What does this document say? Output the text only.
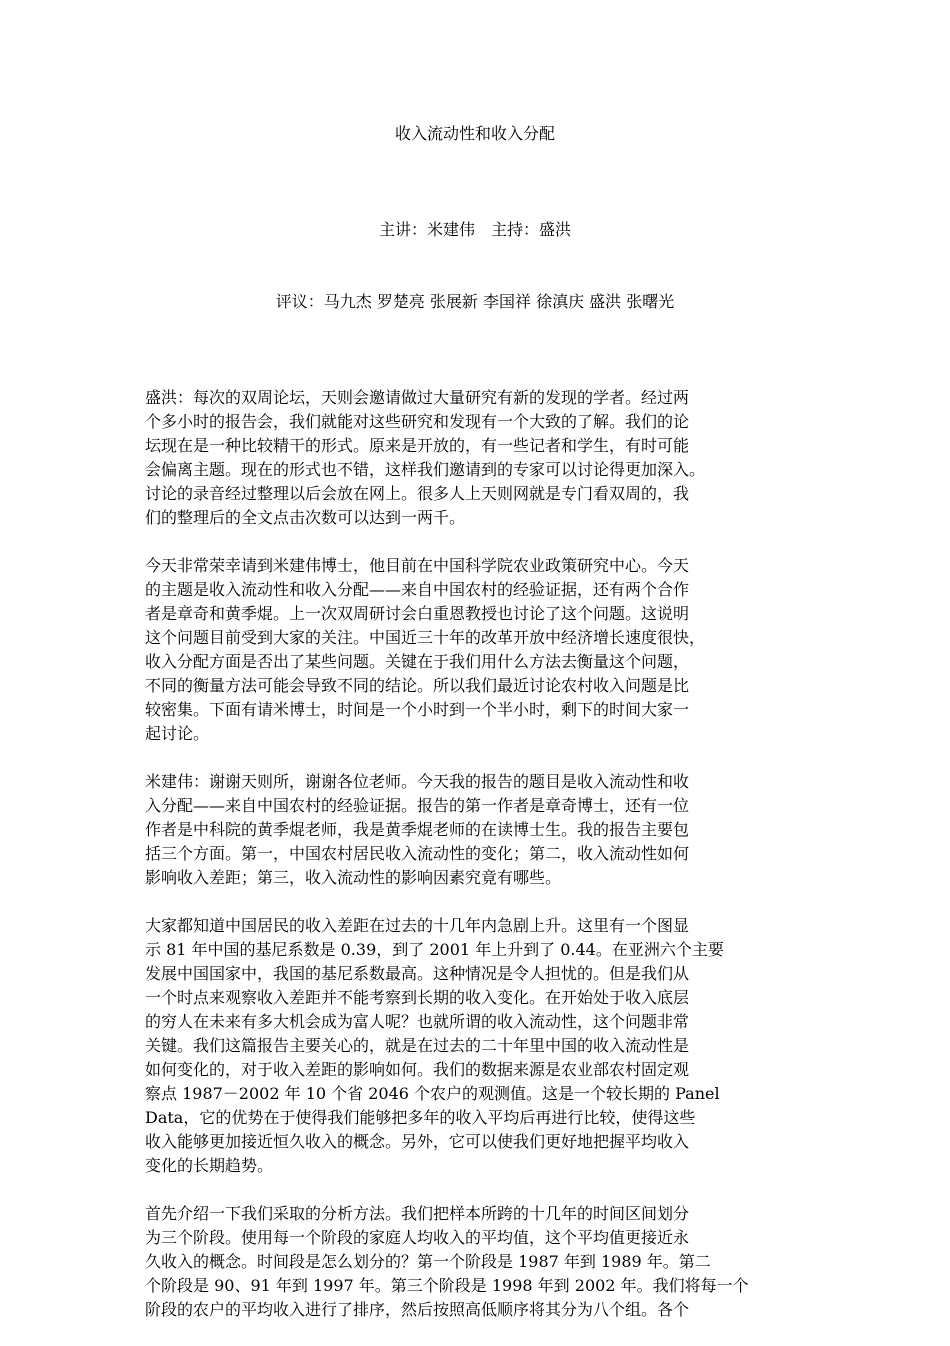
收入流动性和收入分配

主讲：米建伟　主持：盛洪

评议：马九杰 罗楚亮 张展新 李国祥 徐滇庆 盛洪 张曙光

盛洪：每次的双周论坛，天则会邀请做过大量研究有新的发现的学者。经过两
个多小时的报告会，我们就能对这些研究和发现有一个大致的了解。我们的论
坛现在是一种比较精干的形式。原来是开放的，有一些记者和学生，有时可能
会偏离主题。现在的形式也不错，这样我们邀请到的专家可以讨论得更加深入。
讨论的录音经过整理以后会放在网上。很多人上天则网就是专门看双周的，我
们的整理后的全文点击次数可以达到一两千。
今天非常荣幸请到米建伟博士，他目前在中国科学院农业政策研究中心。今天
的主题是收入流动性和收入分配——来自中国农村的经验证据，还有两个合作
者是章奇和黄季焜。上一次双周研讨会白重恩教授也讨论了这个问题。这说明
这个问题目前受到大家的关注。中国近三十年的改革开放中经济增长速度很快，
收入分配方面是否出了某些问题。关键在于我们用什么方法去衡量这个问题，
不同的衡量方法可能会导致不同的结论。所以我们最近讨论农村收入问题是比
较密集。下面有请米博士，时间是一个小时到一个半小时，剩下的时间大家一
起讨论。
米建伟：谢谢天则所，谢谢各位老师。今天我的报告的题目是收入流动性和收
入分配——来自中国农村的经验证据。报告的第一作者是章奇博士，还有一位
作者是中科院的黄季焜老师，我是黄季焜老师的在读博士生。我的报告主要包
括三个方面。第一，中国农村居民收入流动性的变化；第二，收入流动性如何
影响收入差距；第三，收入流动性的影响因素究竟有哪些。
大家都知道中国居民的收入差距在过去的十几年内急剧上升。这里有一个图显
示 81 年中国的基尼系数是 0.39，到了 2001 年上升到了 0.44。在亚洲六个主要
发展中国国家中，我国的基尼系数最高。这种情况是令人担忧的。但是我们从
一个时点来观察收入差距并不能考察到长期的收入变化。在开始处于收入底层
的穷人在未来有多大机会成为富人呢？也就所谓的收入流动性，这个问题非常
关键。我们这篇报告主要关心的，就是在过去的二十年里中国的收入流动性是
如何变化的，对于收入差距的影响如何。我们的数据来源是农业部农村固定观
察点 1987－2002 年 10 个省 2046 个农户的观测值。这是一个较长期的 Panel
Data，它的优势在于使得我们能够把多年的收入平均后再进行比较，使得这些
收入能够更加接近恒久收入的概念。另外，它可以使我们更好地把握平均收入
变化的长期趋势。
首先介绍一下我们采取的分析方法。我们把样本所跨的十几年的时间区间划分
为三个阶段。使用每一个阶段的家庭人均收入的平均值，这个平均值更接近永
久收入的概念。时间段是怎么划分的？第一个阶段是 1987 年到 1989 年。第二
个阶段是 90、91 年到 1997 年。第三个阶段是 1998 年到 2002 年。我们将每一个
阶段的农户的平均收入进行了排序，然后按照高低顺序将其分为八个组。各个
